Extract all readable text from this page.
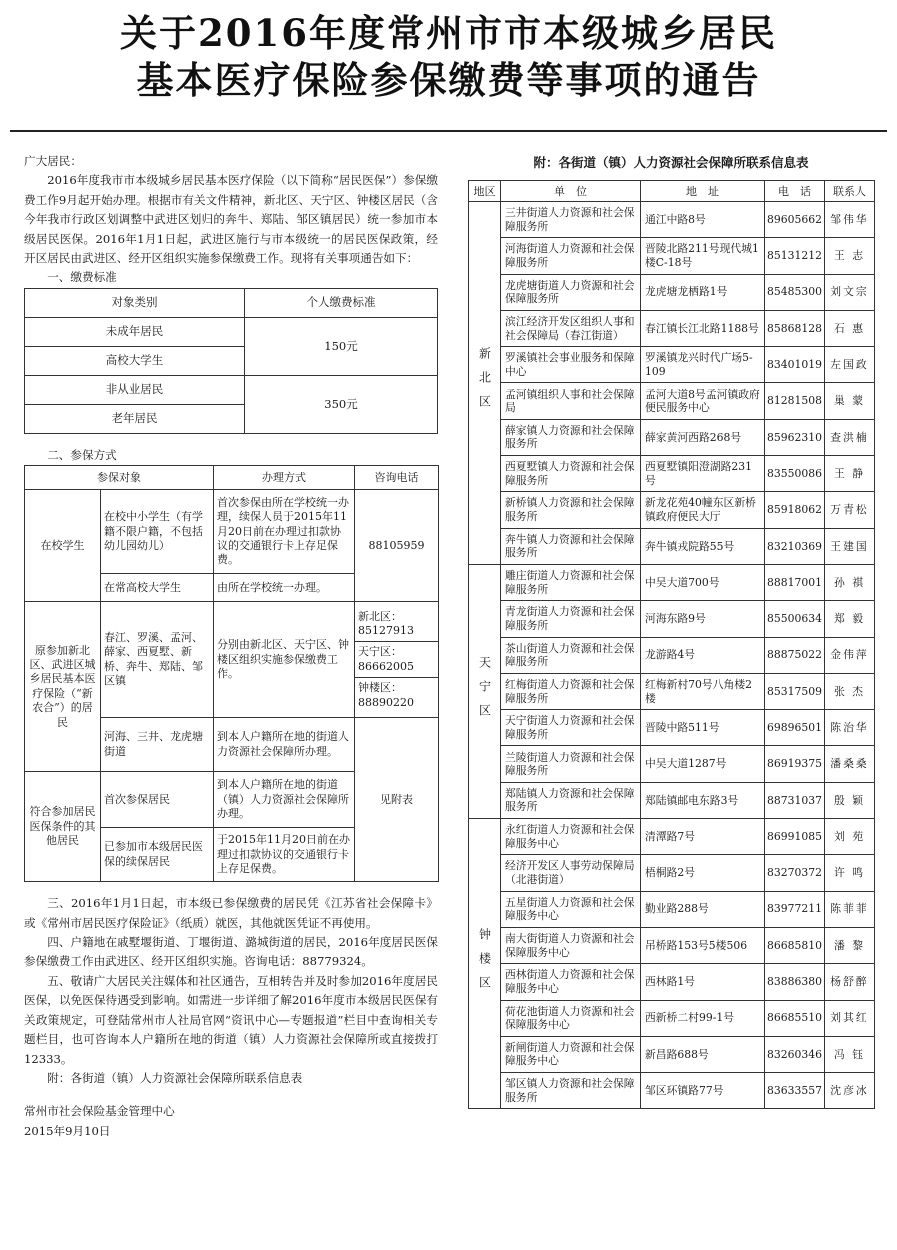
关于2016年度常州市市本级城乡居民
基本医疗保险参保缴费等事项的通告

广大居民：

2016年度我市市本级城乡居民基本医疗保险（以下简称“居民医保”）参保缴费工作9月起开始办理。根据市有关文件精神，新北区、天宁区、钟楼区居民（含今年我市行政区划调整中武进区划归的奔牛、郑陆、邹区镇居民）统一参加市本级居民医保。2016年1月1日起，武进区施行与市本级统一的居民医保政策，经开区居民由武进区、经开区组织实施参保缴费工作。现将有关事项通告如下：

一、缴费标准

对象类别	个人缴费标准
未成年居民	150元
高校大学生	
非从业居民	350元
老年居民	

二、参保方式

参保对象		办理方式	咨询电话
在校学生	在校中小学生（有学籍不限户籍，不包括幼儿园幼儿）	首次参保由所在学校统一办理，续保人员于2015年11月20日前在办理过扣款协议的交通银行卡上存足保费。	88105959
	在常高校大学生	由所在学校统一办理。	
原参加新北区、武进区城乡居民基本医疗保险（“新农合”）的居民	春江、罗溪、孟河、薛家、西夏墅、新桥、奔牛、郑陆、邹区镇	分别由新北区、天宁区、钟楼区组织实施参保缴费工作。	新北区：85127913
天宁区：86662005
钟楼区：88890220

	河海、三井、龙虎塘街道	到本人户籍所在地的街道人力资源社会保障所办理。	见附表
符合参加居民医保条件的其他居民	首次参保居民	到本人户籍所在地的街道（镇）人力资源社会保障所办理。	
	已参加市本级居民医保的续保居民	于2015年11月20日前在办理过扣款协议的交通银行卡上存足保费。	

三、2016年1月1日起，市本级已参保缴费的居民凭《江苏省社会保障卡》或《常州市居民医疗保险证》（纸质）就医，其他就医凭证不再使用。

四、户籍地在戚墅堰街道、丁堰街道、潞城街道的居民，2016年度居民医保参保缴费工作由武进区、经开区组织实施。咨询电话：88779324。

五、敬请广大居民关注媒体和社区通告，互相转告并及时参加2016年度居民医保，以免医保待遇受到影响。如需进一步详细了解2016年度市本级居民医保有关政策规定，可登陆常州市人社局官网“资讯中心—专题报道”栏目中查询相关专题栏目，也可咨询本人户籍所在地的街道（镇）人力资源社会保障所或直接拨打12333。

附：各街道（镇）人力资源社会保障所联系信息表

常州市社会保险基金管理中心

2015年9月10日

附：各街道（镇）人力资源社会保障所联系信息表
地区	单　位	地　址	电　话	联系人
新北区	三井街道人力资源和社会保障服务所	通江中路8号	89605662	邹伟华
	河海街道人力资源和社会保障服务所	晋陵北路211号现代城1楼C-18号	85131212	王 志
	龙虎塘街道人力资源和社会保障服务所	龙虎塘龙栖路1号	85485300	刘文宗
	滨江经济开发区组织人事和社会保障局（春江街道）	春江镇长江北路1188号	85868128	石 惠
	罗溪镇社会事业服务和保障中心	罗溪镇龙兴时代广场5-109	83401019	左国政
	孟河镇组织人事和社会保障局	孟河大道8号孟河镇政府便民服务中心	81281508	巢 蒙
	薛家镇人力资源和社会保障服务所	薛家黄河西路268号	85962310	查洪楠
	西夏墅镇人力资源和社会保障服务所	西夏墅镇阳澄湖路231号	83550086	王 静
	新桥镇人力资源和社会保障服务所	新龙花苑40幢东区新桥镇政府便民大厅	85918062	万青松
	奔牛镇人力资源和社会保障服务所	奔牛镇戎院路55号	83210369	王建国
天宁区	雕庄街道人力资源和社会保障服务所	中吴大道700号	88817001	孙 祺
	青龙街道人力资源和社会保障服务所	河海东路9号	85500634	郑 毅
	茶山街道人力资源和社会保障服务所	龙游路4号	88875022	金伟萍
	红梅街道人力资源和社会保障服务所	红梅新村70号八角楼2楼	85317509	张 杰
	天宁街道人力资源和社会保障服务所	晋陵中路511号	69896501	陈治华
	兰陵街道人力资源和社会保障服务所	中吴大道1287号	86919375	潘桑桑
	郑陆镇人力资源和社会保障服务所	郑陆镇邮电东路3号	88731037	殷 颖
钟楼区	永红街道人力资源和社会保障服务中心	清潭路7号	86991085	刘 苑
	经济开发区人事劳动保障局（北港街道）	梧桐路2号	83270372	许 鸣
	五星街道人力资源和社会保障服务中心	勤业路288号	83977211	陈菲菲
	南大街街道人力资源和社会保障服务中心	吊桥路153号5楼506	86685810	潘 黎
	西林街道人力资源和社会保障服务中心	西林路1号	83886380	杨舒醉
	荷花池街道人力资源和社会保障服务中心	西新桥二村99-1号	86685510	刘其红
	新闸街道人力资源和社会保障服务中心	新昌路688号	83260346	冯 钰
	邹区镇人力资源和社会保障服务所	邹区环镇路77号	83633557	沈彦冰
